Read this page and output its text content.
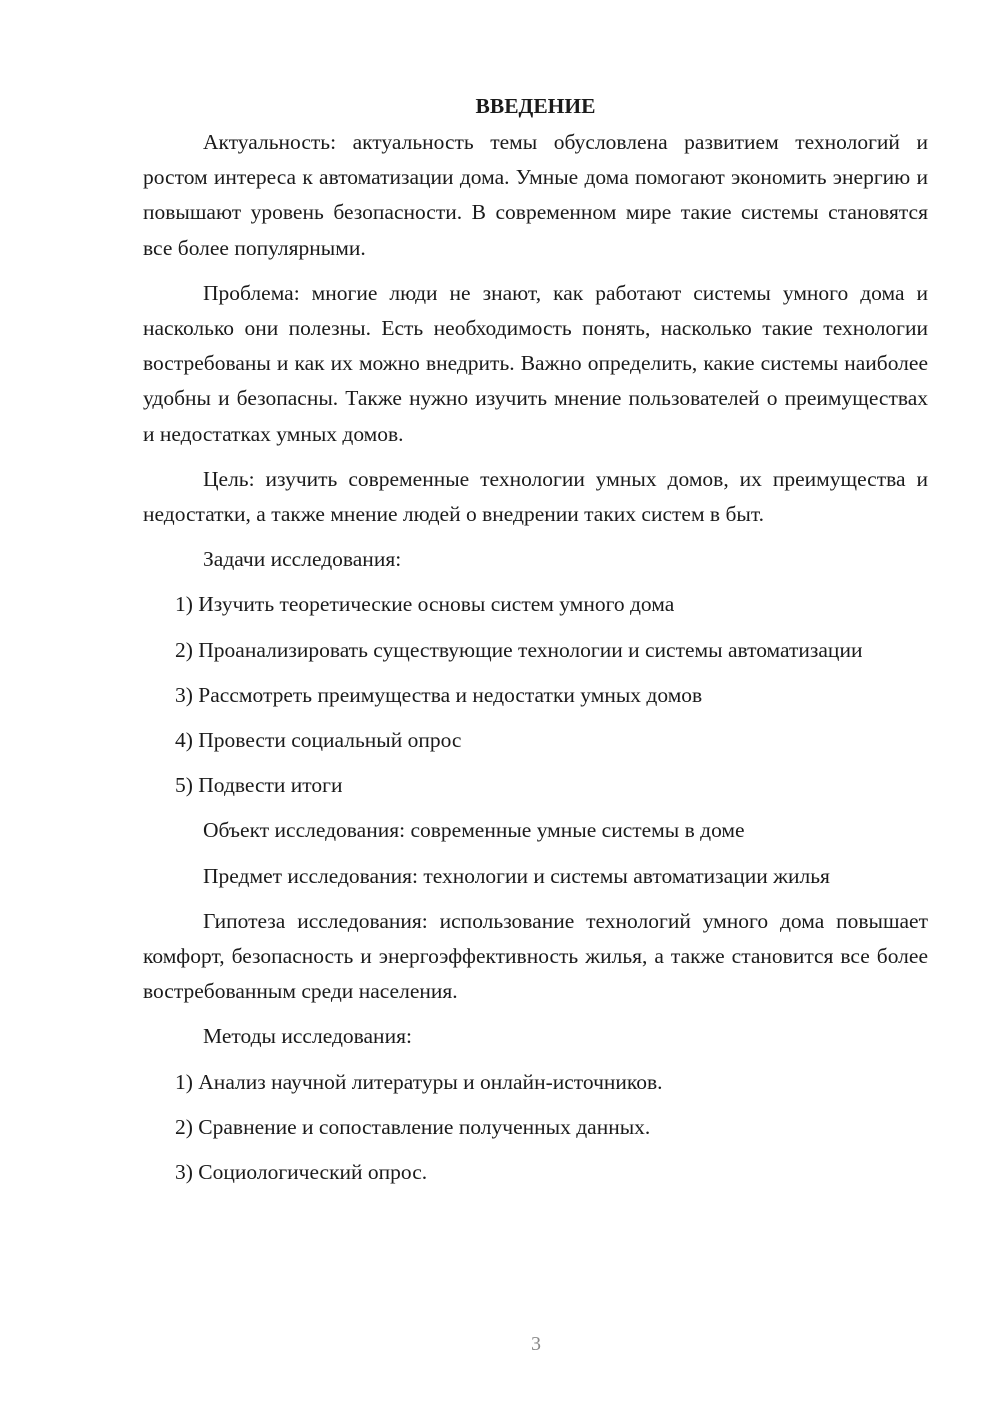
ВВЕДЕНИЕ

Актуальность: актуальность темы обусловлена развитием технологий и ростом интереса к автоматизации дома. Умные дома помогают экономить энергию и повышают уровень безопасности. В современном мире такие системы становятся все более популярными.

Проблема: многие люди не знают, как работают системы умного дома и насколько они полезны. Есть необходимость понять, насколько такие технологии востребованы и как их можно внедрить. Важно определить, какие системы наиболее удобны и безопасны. Также нужно изучить мнение пользователей о преимуществах и недостатках умных домов.

Цель: изучить современные технологии умных домов, их преимущества и недостатки, а также мнение людей о внедрении таких систем в быт.

Задачи исследования:

1) Изучить теоретические основы систем умного дома

2) Проанализировать существующие технологии и системы автоматизации

3) Рассмотреть преимущества и недостатки умных домов

4) Провести социальный опрос

5) Подвести итоги

Объект исследования: современные умные системы в доме

Предмет исследования: технологии и системы автоматизации жилья

Гипотеза исследования: использование технологий умного дома повышает комфорт, безопасность и энергоэффективность жилья, а также становится все более востребованным среди населения.

Методы исследования:

1) Анализ научной литературы и онлайн-источников.

2) Сравнение и сопоставление полученных данных.

3) Социологический опрос.

3
